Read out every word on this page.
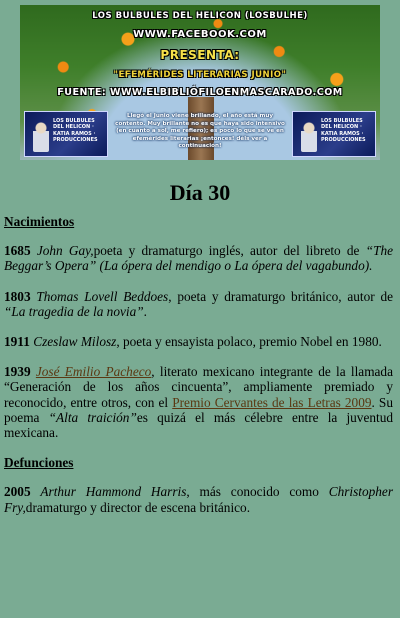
LOS BULBULES DEL HELICON (LOSBULHE)
WWW.FACEBOOK.COM
PRESENTA:
"EFEMÉRIDES LITERARIAS JUNIO"
FUENTE: WWW.ELBIBLIÓFILOENMASCARADO.COM
LOS BULBULES DEL HELICON · KATIA RAMOS · PRODUCCIONES
Llegó el Junio viene brillando, el año está muy contento. Muy brillante no es que haya sido intensivo (en cuanto a sol, me refiero); es poco lo que se ve en efemérides literarias ¡entonces! déls ver a continuación!
LOS BULBULES DEL HELICON · KATIA RAMOS · PRODUCCIONES
Día 30
Nacimientos

1685 John Gay,poeta y dramaturgo inglés, autor del libreto de “The Beggar’s Opera” (La ópera del mendigo o La ópera del vagabundo).

1803 Thomas Lovell Beddoes, poeta y dramaturgo británico, autor de “La tragedia de la novia”.

1911 Czeslaw Milosz, poeta y ensayista polaco, premio Nobel en 1980.

1939 José Emilio Pacheco, literato mexicano integrante de la llamada “Generación de los años cincuenta”, ampliamente premiado y reconocido, entre otros, con el Premio Cervantes de las Letras 2009. Su poema “Alta traición”es quizá el más célebre entre la juventud mexicana.

Defunciones

2005 Arthur Hammond Harris, más conocido como Christopher Fry,dramaturgo y director de escena británico.
